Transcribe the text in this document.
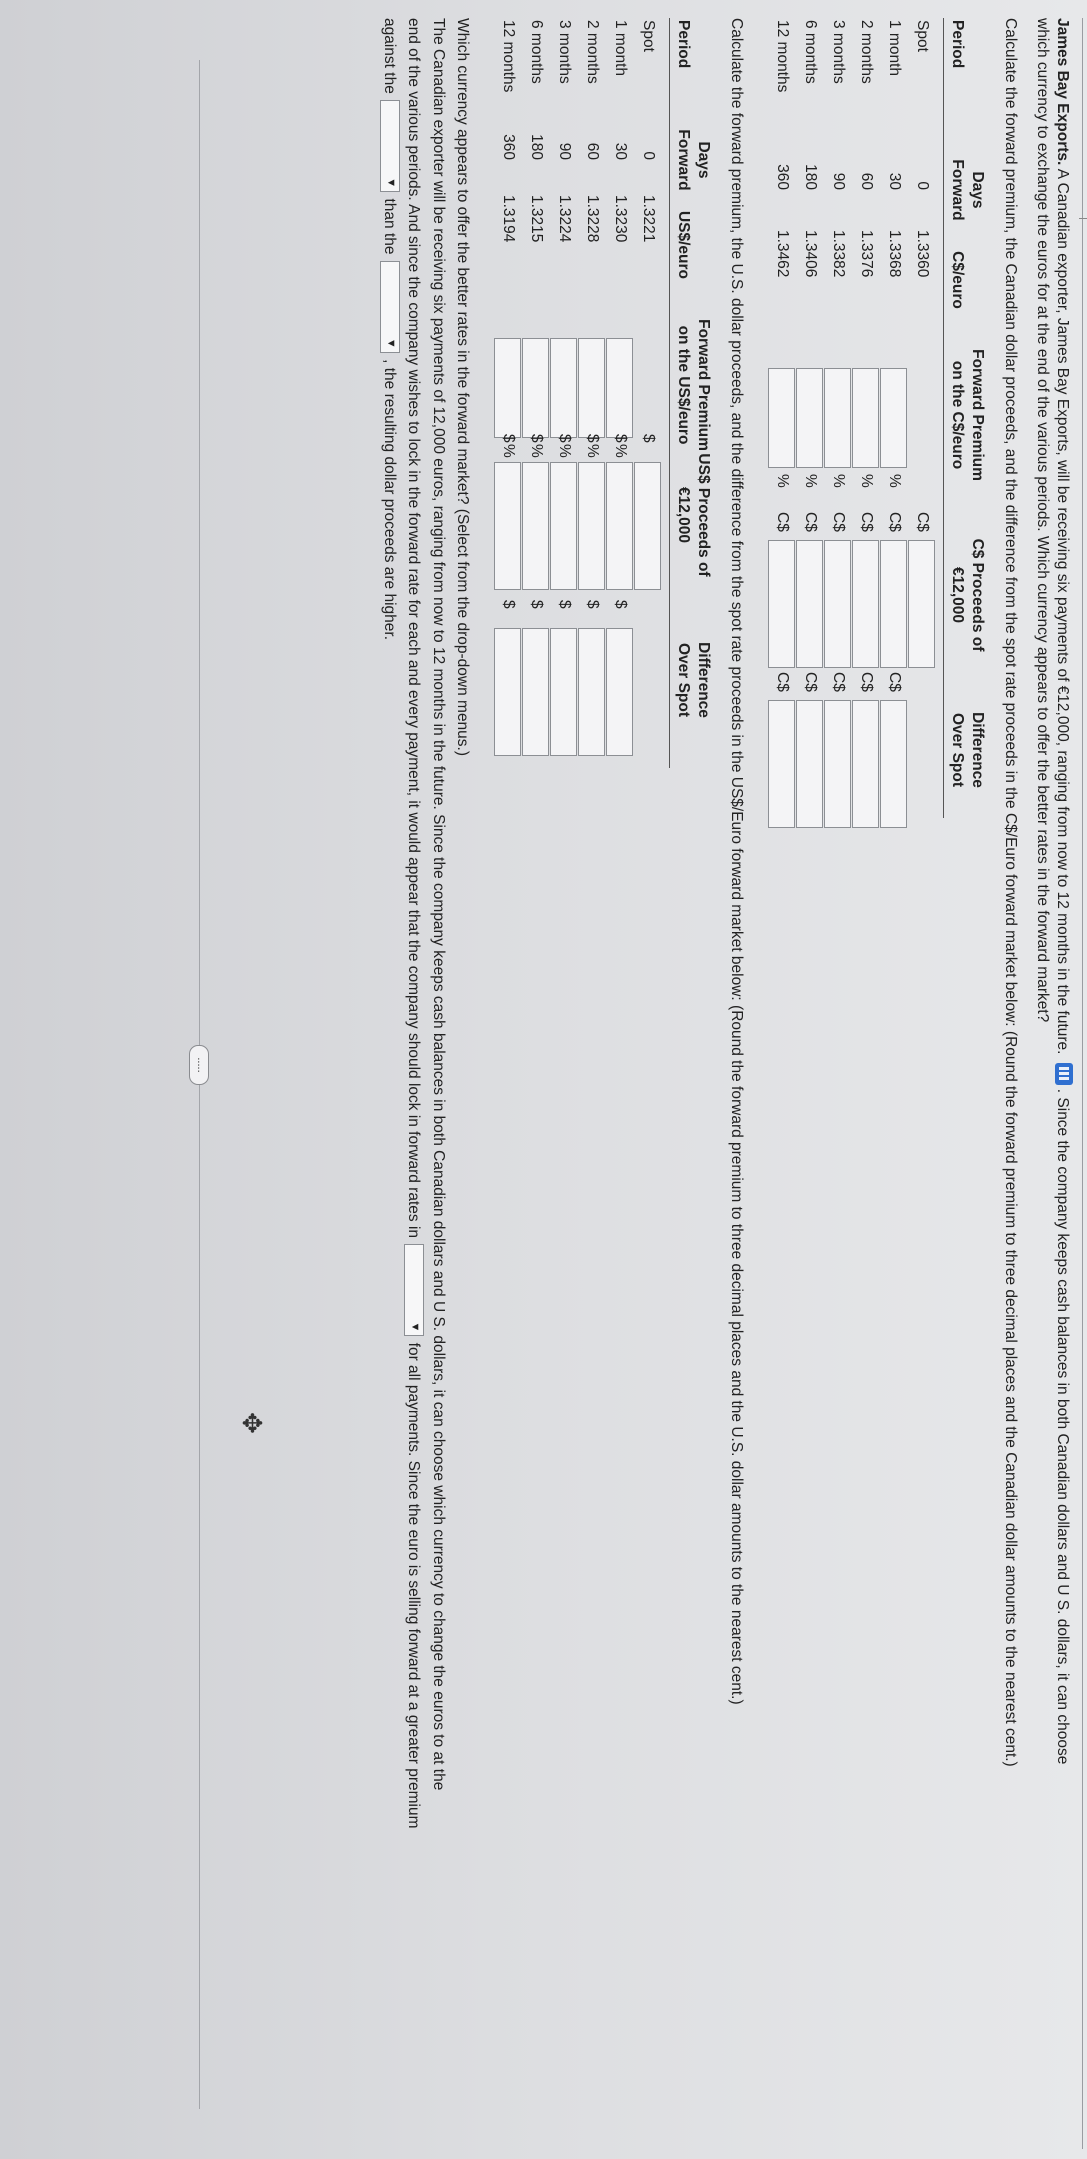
James Bay Exports. A Canadian exporter, James Bay Exports, will be receiving six payments of €12,000, ranging from now to 12 months in the future. . Since the company keeps cash balances in both Canadian dollars and U S. dollars, it can choose
which currency to exchange the euros for at the end of the various periods. Which currency appears to offer the better rates in the forward market?
Calculate the forward premium, the Canadian dollar proceeds, and the difference from the spot rate proceeds in the C$/Euro forward market below: (Round the forward premium to three decimal places and the Canadian dollar amounts to the nearest cent.)
Days
Period
Forward
C$/euro
Forward Premium
on the C$/euro
C$ Proceeds of
€12,000
Difference
Over Spot
Spot
0
1.3360
C$
1 month
30
1.3368
%
C$
C$
2 months
60
1.3376
%
C$
C$
3 months
90
1.3382
%
C$
C$
6 months
180
1.3406
%
C$
C$
12 months
360
1.3462
%
C$
C$
Calculate the forward premium, the U.S. dollar proceeds, and the difference from the spot rate proceeds in the US$/Euro forward market below: (Round the forward premium to three decimal places and the U.S. dollar amounts to the nearest cent.)
Days
Period
Forward
US$/euro
Forward Premium
on the US$/euro
US$ Proceeds of
€12,000
Difference
Over Spot
Spot
0
1.3221
$
1 month
30
1.3230
%
$
$
2 months
60
1.3228
%
$
$
3 months
90
1.3224
%
$
$
6 months
180
1.3215
%
$
$
12 months
360
1.3194
%
$
$
Which currency appears to offer the better rates in the forward market? (Select from the drop-down menus.)
The Canadian exporter will be receiving six payments of 12,000 euros, ranging from now to 12 months in the future. Since the company keeps cash balances in both Canadian dollars and U S. dollars, it can choose which currency to change the euros to at the
end of the various periods. And since the company wishes to lock in the forward rate for each and every payment, it would appear that the company should lock in forward rates in
▼
for all payments. Since the euro is selling forward at a greater premium
against the
▼
than the
▼
, the resulting dollar proceeds are higher.
.....
✥
